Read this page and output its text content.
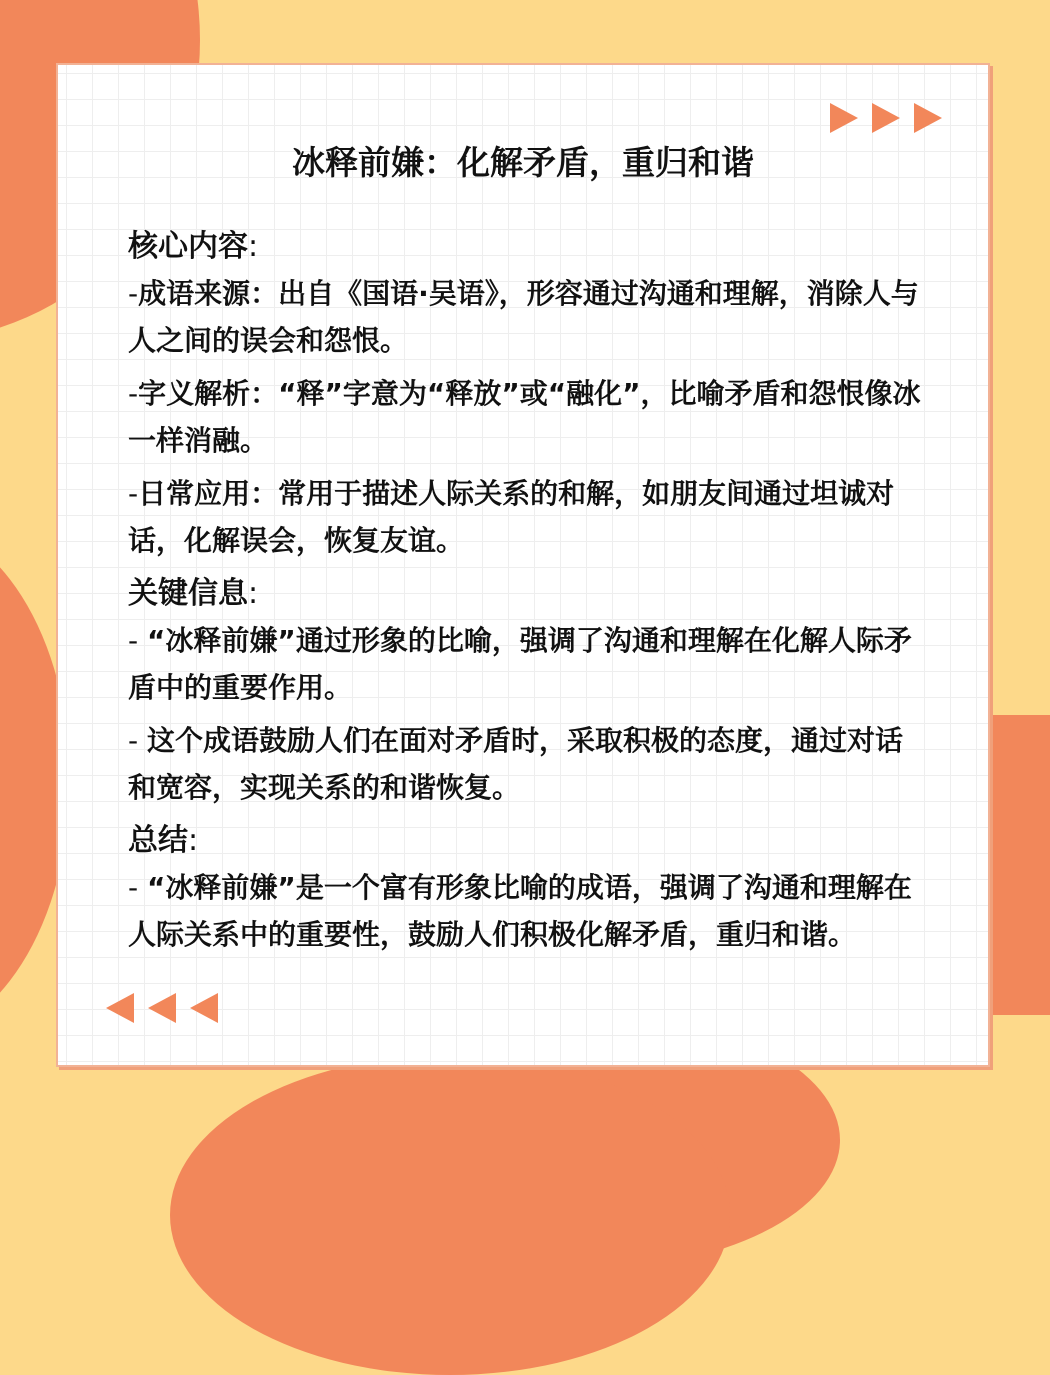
冰释前嫌：化解矛盾，重归和谐

核心内容:

-成语来源：出自《国语·吴语》，形容通过沟通和理解，消除人与人之间的误会和怨恨。

-字义解析：“释”字意为“释放”或“融化”，比喻矛盾和怨恨像冰一样消融。

-日常应用：常用于描述人际关系的和解，如朋友间通过坦诚对话，化解误会，恢复友谊。

关键信息:

- “冰释前嫌”通过形象的比喻，强调了沟通和理解在化解人际矛盾中的重要作用。

- 这个成语鼓励人们在面对矛盾时，采取积极的态度，通过对话和宽容，实现关系的和谐恢复。

总结:

- “冰释前嫌”是一个富有形象比喻的成语，强调了沟通和理解在人际关系中的重要性，鼓励人们积极化解矛盾，重归和谐。
